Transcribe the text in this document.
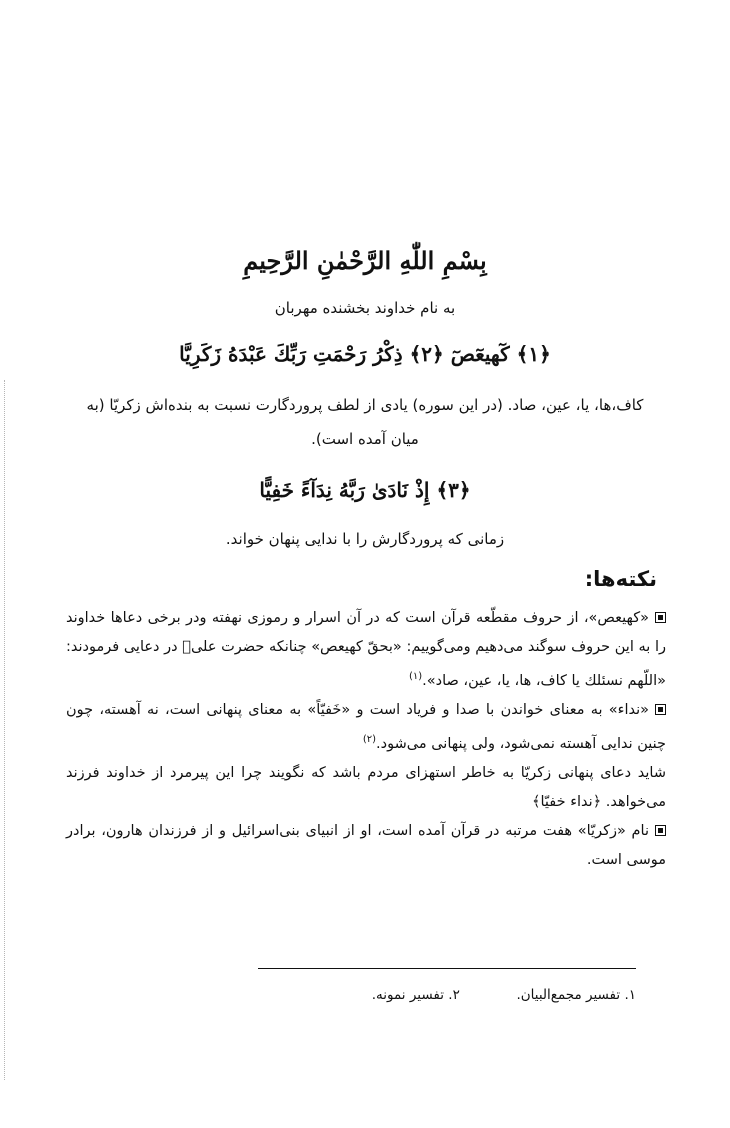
بِسْمِ اللّٰهِ الرَّحْمٰنِ الرَّحِيمِ
به نام خداوند بخشنده مهربان
﴿۱﴾ كٓهيعٓصٓ ﴿۲﴾ ذِكْرُ رَحْمَتِ رَبِّكَ عَبْدَهُ زَكَرِيَّا
كاف،ها، يا، عين، صاد. (در اين سوره) يادى از لطف پروردگارت نسبت به بنده‌اش زكريّا (به ميان آمده است).
﴿۳﴾ إِذْ نَادَىٰ رَبَّهُ نِدَآءً خَفِيًّا
زمانى كه پروردگارش را با ندايى پنهان خواند.
نكته‌ها:

«كهيعص»، از حروف مقطّعه قرآن است كه در آن اسرار و رموزى نهفته ودر برخى دعاها خداوند را به اين حروف سوگند مى‌دهيم ومى‌گوييم: «بحقّ كهيعص» چنانكه حضرت علىؑ در دعايى فرمودند: «اللّهم نسئلك يا كاف، ها، يا، عين، صاد».$^{(۱)}$

«نداء» به معناى خواندن با صدا و فرياد است و «خَفيّاً» به معناى پنهانى است، نه آهسته، چون چنين ندايى آهسته نمى‌شود، ولى پنهانى مى‌شود.$^{(۲)}$

شايد دعاى پنهانى زكريّا به خاطر استهزاى مردم باشد كه نگويند چرا اين پيرمرد از خداوند فرزند مى‌خواهد. ﴿نداء خفيّا﴾

نام «زكريّا» هفت مرتبه در قرآن آمده است، او از انبياى بنى‌اسرائيل و از فرزندان هارون، برادر موسى است.

۱. تفسير مجمع‌البيان.  ۲. تفسير نمونه.
